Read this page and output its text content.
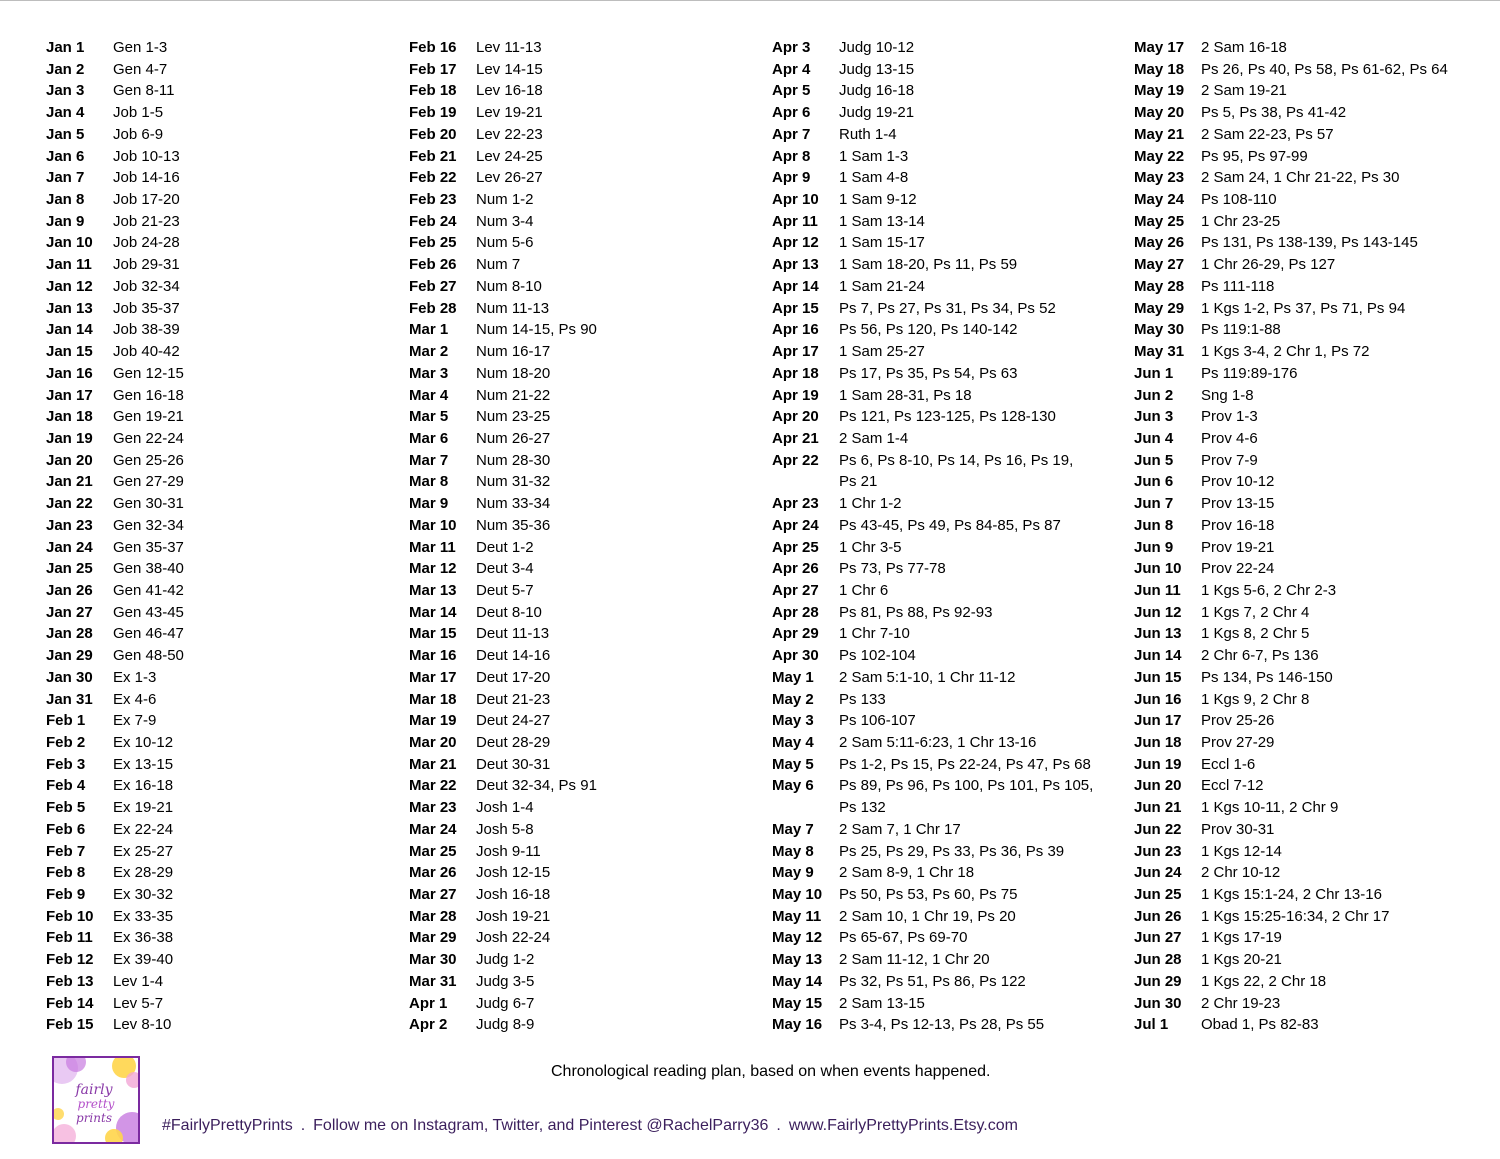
Jan 1 Gen 1-3
Jan 2 Gen 4-7
Jan 3 Gen 8-11
Jan 4 Job 1-5
Jan 5 Job 6-9
Jan 6 Job 10-13
Jan 7 Job 14-16
Jan 8 Job 17-20
Jan 9 Job 21-23
Jan 10 Job 24-28
Jan 11 Job 29-31
Jan 12 Job 32-34
Jan 13 Job 35-37
Jan 14 Job 38-39
Jan 15 Job 40-42
Jan 16 Gen 12-15
Jan 17 Gen 16-18
Jan 18 Gen 19-21
Jan 19 Gen 22-24
Jan 20 Gen 25-26
Jan 21 Gen 27-29
Jan 22 Gen 30-31
Jan 23 Gen 32-34
Jan 24 Gen 35-37
Jan 25 Gen 38-40
Jan 26 Gen 41-42
Jan 27 Gen 43-45
Jan 28 Gen 46-47
Jan 29 Gen 48-50
Jan 30 Ex 1-3
Jan 31 Ex 4-6
Feb 1 Ex 7-9
Feb 2 Ex 10-12
Feb 3 Ex 13-15
Feb 4 Ex 16-18
Feb 5 Ex 19-21
Feb 6 Ex 22-24
Feb 7 Ex 25-27
Feb 8 Ex 28-29
Feb 9 Ex 30-32
Feb 10 Ex 33-35
Feb 11 Ex 36-38
Feb 12 Ex 39-40
Feb 13 Lev 1-4
Feb 14 Lev 5-7
Feb 15 Lev 8-10
Feb 16 Lev 11-13
Feb 17 Lev 14-15
Feb 18 Lev 16-18
Feb 19 Lev 19-21
Feb 20 Lev 22-23
Feb 21 Lev 24-25
Feb 22 Lev 26-27
Feb 23 Num 1-2
Feb 24 Num 3-4
Feb 25 Num 5-6
Feb 26 Num 7
Feb 27 Num 8-10
Feb 28 Num 11-13
Mar 1 Num 14-15, Ps 90
Mar 2 Num 16-17
Mar 3 Num 18-20
Mar 4 Num 21-22
Mar 5 Num 23-25
Mar 6 Num 26-27
Mar 7 Num 28-30
Mar 8 Num 31-32
Mar 9 Num 33-34
Mar 10 Num 35-36
Mar 11 Deut 1-2
Mar 12 Deut 3-4
Mar 13 Deut 5-7
Mar 14 Deut 8-10
Mar 15 Deut 11-13
Mar 16 Deut 14-16
Mar 17 Deut 17-20
Mar 18 Deut 21-23
Mar 19 Deut 24-27
Mar 20 Deut 28-29
Mar 21 Deut 30-31
Mar 22 Deut 32-34, Ps 91
Mar 23 Josh 1-4
Mar 24 Josh 5-8
Mar 25 Josh 9-11
Mar 26 Josh 12-15
Mar 27 Josh 16-18
Mar 28 Josh 19-21
Mar 29 Josh 22-24
Mar 30 Judg 1-2
Mar 31 Judg 3-5
Apr 1 Judg 6-7
Apr 2 Judg 8-9
Apr 3 Judg 10-12
Apr 4 Judg 13-15
Apr 5 Judg 16-18
Apr 6 Judg 19-21
Apr 7 Ruth 1-4
Apr 8 1 Sam 1-3
Apr 9 1 Sam 4-8
Apr 10 1 Sam 9-12
Apr 11 1 Sam 13-14
Apr 12 1 Sam 15-17
Apr 13 1 Sam 18-20, Ps 11, Ps 59
Apr 14 1 Sam 21-24
Apr 15 Ps 7, Ps 27, Ps 31, Ps 34, Ps 52
Apr 16 Ps 56, Ps 120, Ps 140-142
Apr 17 1 Sam 25-27
Apr 18 Ps 17, Ps 35, Ps 54, Ps 63
Apr 19 1 Sam 28-31, Ps 18
Apr 20 Ps 121, Ps 123-125, Ps 128-130
Apr 21 2 Sam 1-4
Apr 22 Ps 6, Ps 8-10, Ps 14, Ps 16, Ps 19,
Ps 21
Apr 23 1 Chr 1-2
Apr 24 Ps 43-45, Ps 49, Ps 84-85, Ps 87
Apr 25 1 Chr 3-5
Apr 26 Ps 73, Ps 77-78
Apr 27 1 Chr 6
Apr 28 Ps 81, Ps 88, Ps 92-93
Apr 29 1 Chr 7-10
Apr 30 Ps 102-104
May 1 2 Sam 5:1-10, 1 Chr 11-12
May 2 Ps 133
May 3 Ps 106-107
May 4 2 Sam 5:11-6:23, 1 Chr 13-16
May 5 Ps 1-2, Ps 15, Ps 22-24, Ps 47, Ps 68
May 6 Ps 89, Ps 96, Ps 100, Ps 101, Ps 105,
Ps 132
May 7 2 Sam 7, 1 Chr 17
May 8 Ps 25, Ps 29, Ps 33, Ps 36, Ps 39
May 9 2 Sam 8-9, 1 Chr 18
May 10 Ps 50, Ps 53, Ps 60, Ps 75
May 11 2 Sam 10, 1 Chr 19, Ps 20
May 12 Ps 65-67, Ps 69-70
May 13 2 Sam 11-12, 1 Chr 20
May 14 Ps 32, Ps 51, Ps 86, Ps 122
May 15 2 Sam 13-15
May 16 Ps 3-4, Ps 12-13, Ps 28, Ps 55
May 17 2 Sam 16-18
May 18 Ps 26, Ps 40, Ps 58, Ps 61-62, Ps 64
May 19 2 Sam 19-21
May 20 Ps 5, Ps 38, Ps 41-42
May 21 2 Sam 22-23, Ps 57
May 22 Ps 95, Ps 97-99
May 23 2 Sam 24, 1 Chr 21-22, Ps 30
May 24 Ps 108-110
May 25 1 Chr 23-25
May 26 Ps 131, Ps 138-139, Ps 143-145
May 27 1 Chr 26-29, Ps 127
May 28 Ps 111-118
May 29 1 Kgs 1-2, Ps 37, Ps 71, Ps 94
May 30 Ps 119:1-88
May 31 1 Kgs 3-4, 2 Chr 1, Ps 72
Jun 1 Ps 119:89-176
Jun 2 Sng 1-8
Jun 3 Prov 1-3
Jun 4 Prov 4-6
Jun 5 Prov 7-9
Jun 6 Prov 10-12
Jun 7 Prov 13-15
Jun 8 Prov 16-18
Jun 9 Prov 19-21
Jun 10 Prov 22-24
Jun 11 1 Kgs 5-6, 2 Chr 2-3
Jun 12 1 Kgs 7, 2 Chr 4
Jun 13 1 Kgs 8, 2 Chr 5
Jun 14 2 Chr 6-7, Ps 136
Jun 15 Ps 134, Ps 146-150
Jun 16 1 Kgs 9, 2 Chr 8
Jun 17 Prov 25-26
Jun 18 Prov 27-29
Jun 19 Eccl 1-6
Jun 20 Eccl 7-12
Jun 21 1 Kgs 10-11, 2 Chr 9
Jun 22 Prov 30-31
Jun 23 1 Kgs 12-14
Jun 24 2 Chr 10-12
Jun 25 1 Kgs 15:1-24, 2 Chr 13-16
Jun 26 1 Kgs 15:25-16:34, 2 Chr 17
Jun 27 1 Kgs 17-19
Jun 28 1 Kgs 20-21
Jun 29 1 Kgs 22, 2 Chr 18
Jun 30 2 Chr 19-23
Jul 1 Obad 1, Ps 82-83
fairly
pretty
prints
Chronological reading plan, based on when events happened.
#FairlyPrettyPrints . Follow me on Instagram, Twitter, and Pinterest @RachelParry36 . www.FairlyPrettyPrints.Etsy.com
